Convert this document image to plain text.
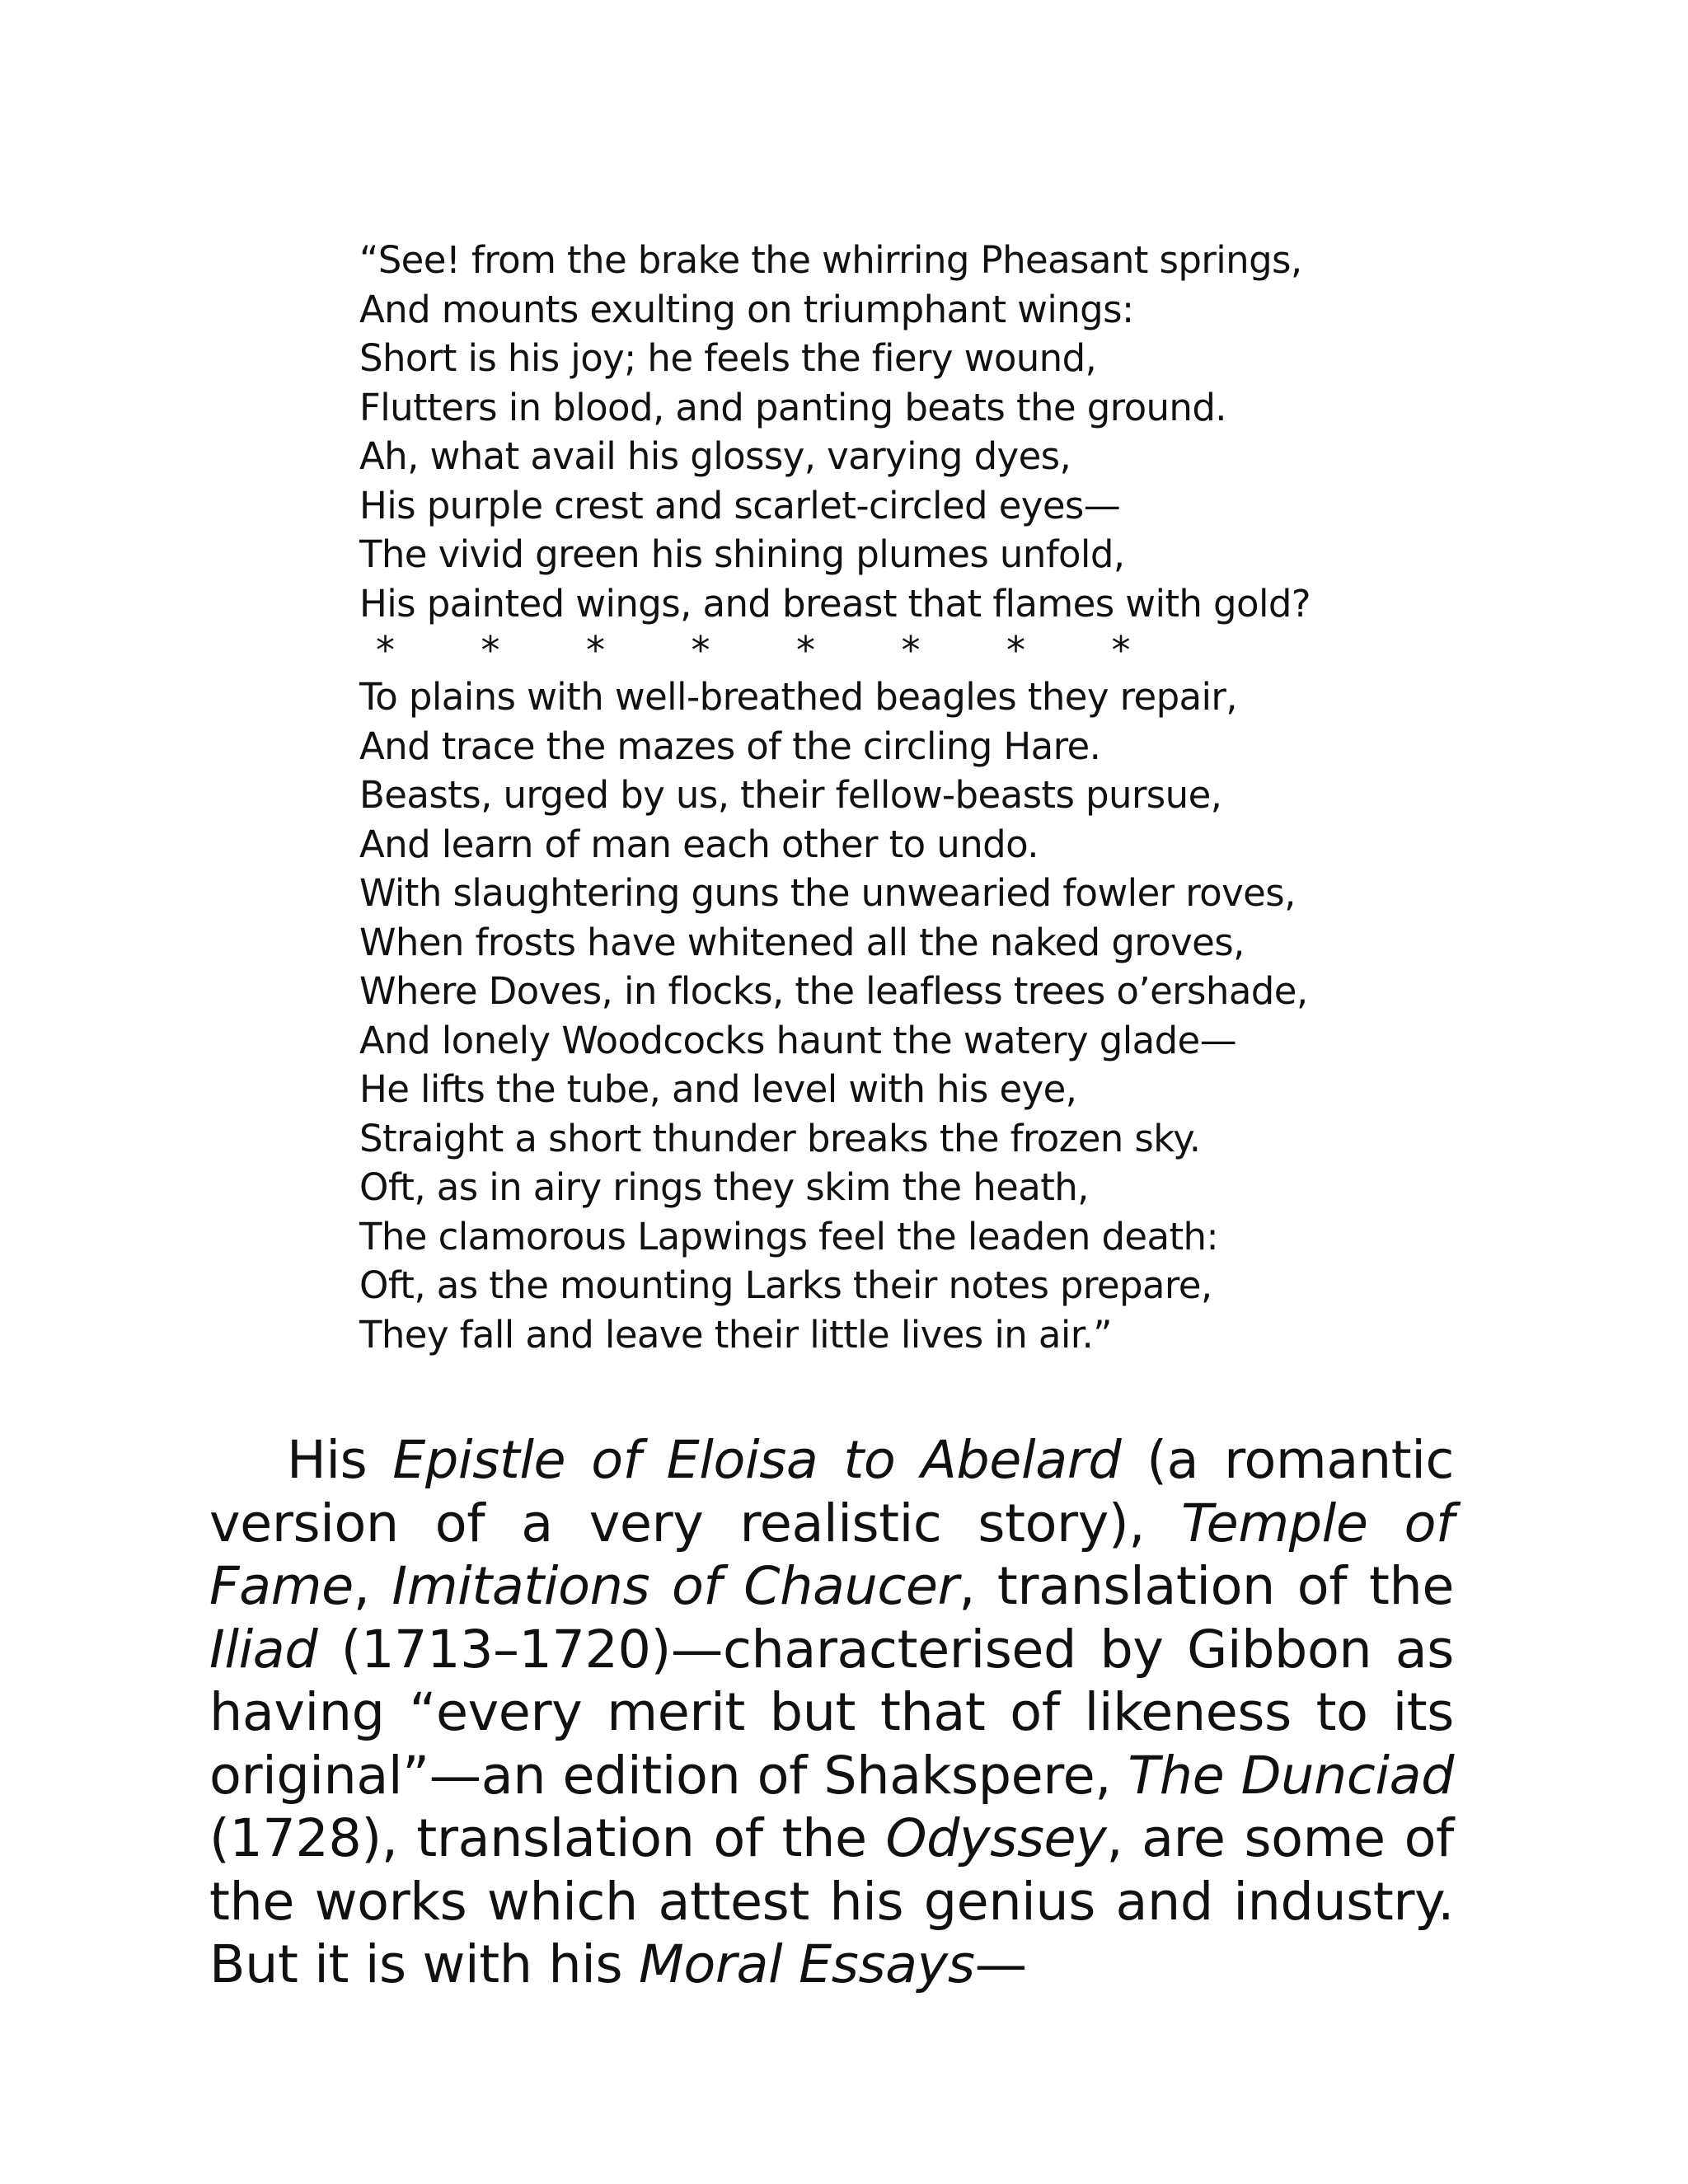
“See! from the brake the whirring Pheasant springs,
And mounts exulting on triumphant wings:
Short is his joy; he feels the fiery wound,
Flutters in blood, and panting beats the ground.
Ah, what avail his glossy, varying dyes,
His purple crest and scarlet-circled eyes—
The vivid green his shining plumes unfold,
His painted wings, and breast that flames with gold?
*	*	*	*	*	*	*	*
To plains with well-breathed beagles they repair,
And trace the mazes of the circling Hare.
Beasts, urged by us, their fellow-beasts pursue,
And learn of man each other to undo.
With slaughtering guns the unwearied fowler roves,
When frosts have whitened all the naked groves,
Where Doves, in flocks, the leafless trees o’ershade,
And lonely Woodcocks haunt the watery glade—
He lifts the tube, and level with his eye,
Straight a short thunder breaks the frozen sky.
Oft, as in airy rings they skim the heath,
The clamorous Lapwings feel the leaden death:
Oft, as the mounting Larks their notes prepare,
They fall and leave their little lives in air.”

His Epistle of Eloisa to Abelard (a romantic version of a very realistic story), Temple of Fame, Imitations of Chaucer, translation of the Iliad (1713–1720)—characterised by Gibbon as having “every merit but that of likeness to its original”—an edition of Shakspere, The Dunciad (1728), translation of the Odyssey, are some of the works which attest his genius and industry. But it is with his Moral Essays—
